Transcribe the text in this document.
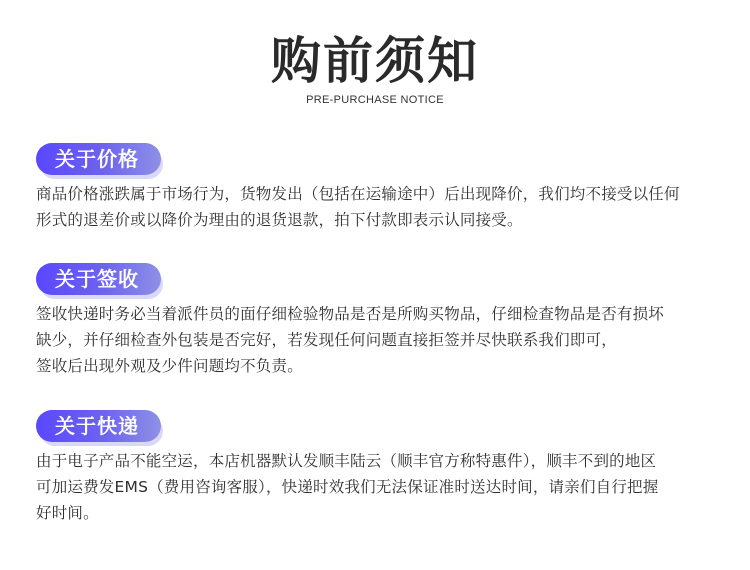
购前须知
PRE-PURCHASE NOTICE
关于价格
商品价格涨跌属于市场行为，货物发出（包括在运输途中）后出现降价，我们均不接受以任何
形式的退差价或以降价为理由的退货退款，拍下付款即表示认同接受。
关于签收
签收快递时务必当着派件员的面仔细检验物品是否是所购买物品，仔细检查物品是否有损坏
缺少，并仔细检查外包装是否完好，若发现任何问题直接拒签并尽快联系我们即可，
签收后出现外观及少件问题均不负责。
关于快递
由于电子产品不能空运，本店机器默认发顺丰陆云（顺丰官方称特惠件），顺丰不到的地区
可加运费发EMS（费用咨询客服），快递时效我们无法保证准时送达时间，请亲们自行把握
好时间。
